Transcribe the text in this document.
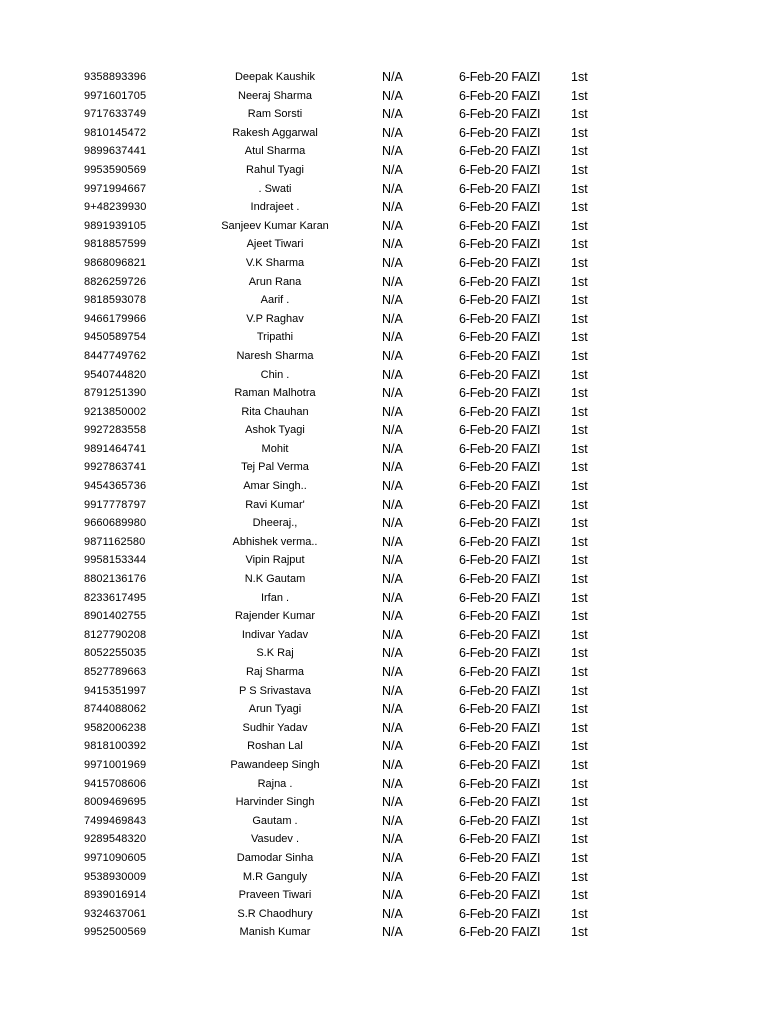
9358893396	Deepak Kaushik	N/A	6-Feb-20 FAIZI 1st
9971601705	Neeraj Sharma	N/A	6-Feb-20 FAIZI 1st
9717633749	Ram Sorsti	N/A	6-Feb-20 FAIZI 1st
9810145472	Rakesh Aggarwal	N/A	6-Feb-20 FAIZI 1st
9899637441	Atul Sharma	N/A	6-Feb-20 FAIZI 1st
9953590569	Rahul Tyagi	N/A	6-Feb-20 FAIZI 1st
9971994667	. Swati	N/A	6-Feb-20 FAIZI 1st
9+48239930	Indrajeet .	N/A	6-Feb-20 FAIZI 1st
9891939105	Sanjeev Kumar Karan	N/A	6-Feb-20 FAIZI 1st
9818857599	Ajeet Tiwari	N/A	6-Feb-20 FAIZI 1st
9868096821	V.K Sharma	N/A	6-Feb-20 FAIZI 1st
8826259726	Arun Rana	N/A	6-Feb-20 FAIZI 1st
9818593078	Aarif .	N/A	6-Feb-20 FAIZI 1st
9466179966	V.P Raghav	N/A	6-Feb-20 FAIZI 1st
9450589754	Tripathi	N/A	6-Feb-20 FAIZI 1st
8447749762	Naresh Sharma	N/A	6-Feb-20 FAIZI 1st
9540744820	Chin .	N/A	6-Feb-20 FAIZI 1st
8791251390	Raman Malhotra	N/A	6-Feb-20 FAIZI 1st
9213850002	Rita Chauhan	N/A	6-Feb-20 FAIZI 1st
9927283558	Ashok Tyagi	N/A	6-Feb-20 FAIZI 1st
9891464741	Mohit	N/A	6-Feb-20 FAIZI 1st
9927863741	Tej Pal Verma	N/A	6-Feb-20 FAIZI 1st
9454365736	Amar Singh..	N/A	6-Feb-20 FAIZI 1st
9917778797	Ravi Kumar'	N/A	6-Feb-20 FAIZI 1st
9660689980	Dheeraj.,	N/A	6-Feb-20 FAIZI 1st
9871162580	Abhishek verma..	N/A	6-Feb-20 FAIZI 1st
9958153344	Vipin Rajput	N/A	6-Feb-20 FAIZI 1st
8802136176	N.K Gautam	N/A	6-Feb-20 FAIZI 1st
8233617495	Irfan .	N/A	6-Feb-20 FAIZI 1st
8901402755	Rajender Kumar	N/A	6-Feb-20 FAIZI 1st
8127790208	Indivar Yadav	N/A	6-Feb-20 FAIZI 1st
8052255035	S.K Raj	N/A	6-Feb-20 FAIZI 1st
8527789663	Raj Sharma	N/A	6-Feb-20 FAIZI 1st
9415351997	P S Srivastava	N/A	6-Feb-20 FAIZI 1st
8744088062	Arun Tyagi	N/A	6-Feb-20 FAIZI 1st
9582006238	Sudhir Yadav	N/A	6-Feb-20 FAIZI 1st
9818100392	Roshan Lal	N/A	6-Feb-20 FAIZI 1st
9971001969	Pawandeep Singh	N/A	6-Feb-20 FAIZI 1st
9415708606	Rajna .	N/A	6-Feb-20 FAIZI 1st
8009469695	Harvinder Singh	N/A	6-Feb-20 FAIZI 1st
7499469843	Gautam .	N/A	6-Feb-20 FAIZI 1st
9289548320	Vasudev .	N/A	6-Feb-20 FAIZI 1st
9971090605	Damodar Sinha	N/A	6-Feb-20 FAIZI 1st
9538930009	M.R Ganguly	N/A	6-Feb-20 FAIZI 1st
8939016914	Praveen Tiwari	N/A	6-Feb-20 FAIZI 1st
9324637061	S.R Chaodhury	N/A	6-Feb-20 FAIZI 1st
9952500569	Manish Kumar	N/A	6-Feb-20 FAIZI 1st
